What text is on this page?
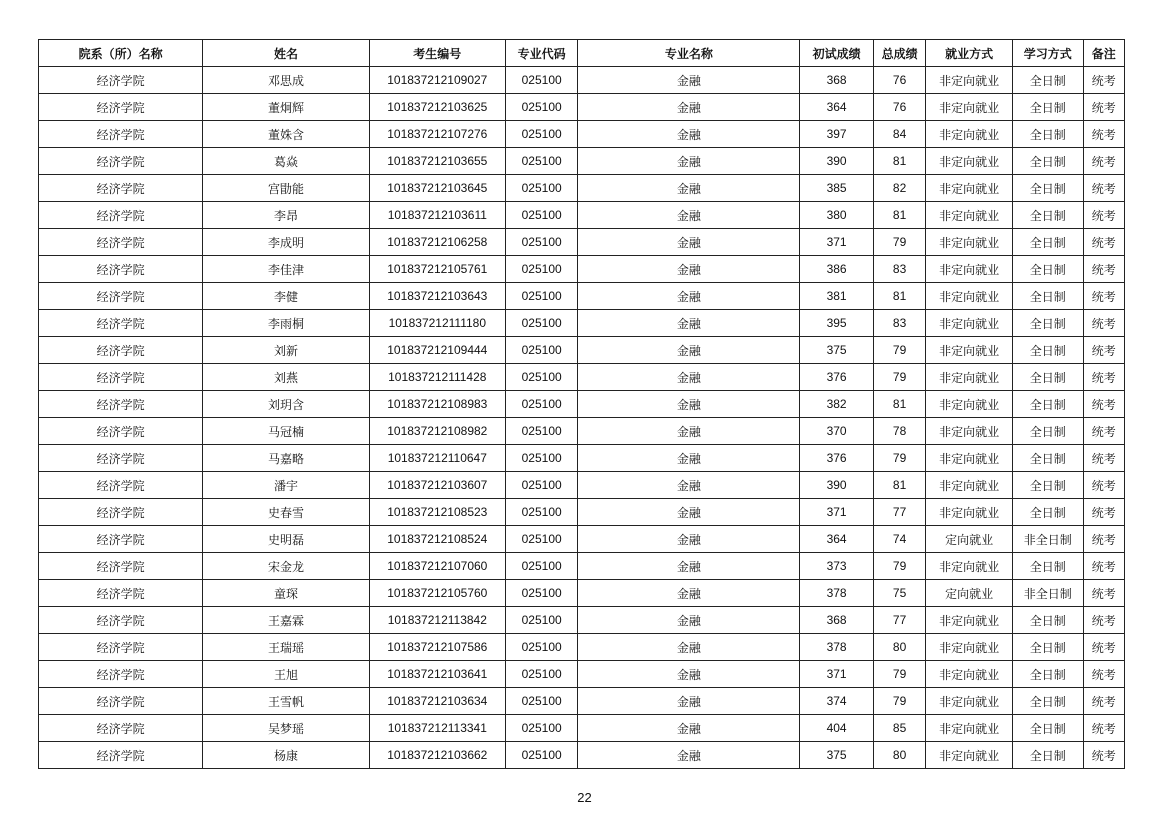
院系（所）名称	姓名	考生编号	专业代码	专业名称	初试成绩	总成绩	就业方式	学习方式	备注
经济学院	邓思成	101837212109027	025100	金融	368	76	非定向就业	全日制	统考
经济学院	董炯辉	101837212103625	025100	金融	364	76	非定向就业	全日制	统考
经济学院	董姝含	101837212107276	025100	金融	397	84	非定向就业	全日制	统考
经济学院	葛焱	101837212103655	025100	金融	390	81	非定向就业	全日制	统考
经济学院	宫勖能	101837212103645	025100	金融	385	82	非定向就业	全日制	统考
经济学院	李昂	101837212103611	025100	金融	380	81	非定向就业	全日制	统考
经济学院	李成明	101837212106258	025100	金融	371	79	非定向就业	全日制	统考
经济学院	李佳津	101837212105761	025100	金融	386	83	非定向就业	全日制	统考
经济学院	李健	101837212103643	025100	金融	381	81	非定向就业	全日制	统考
经济学院	李雨桐	101837212111180	025100	金融	395	83	非定向就业	全日制	统考
经济学院	刘新	101837212109444	025100	金融	375	79	非定向就业	全日制	统考
经济学院	刘燕	101837212111428	025100	金融	376	79	非定向就业	全日制	统考
经济学院	刘玥含	101837212108983	025100	金融	382	81	非定向就业	全日制	统考
经济学院	马冠楠	101837212108982	025100	金融	370	78	非定向就业	全日制	统考
经济学院	马嘉略	101837212110647	025100	金融	376	79	非定向就业	全日制	统考
经济学院	潘宇	101837212103607	025100	金融	390	81	非定向就业	全日制	统考
经济学院	史春雪	101837212108523	025100	金融	371	77	非定向就业	全日制	统考
经济学院	史明磊	101837212108524	025100	金融	364	74	定向就业	非全日制	统考
经济学院	宋金龙	101837212107060	025100	金融	373	79	非定向就业	全日制	统考
经济学院	童琛	101837212105760	025100	金融	378	75	定向就业	非全日制	统考
经济学院	王嘉霖	101837212113842	025100	金融	368	77	非定向就业	全日制	统考
经济学院	王瑞瑶	101837212107586	025100	金融	378	80	非定向就业	全日制	统考
经济学院	王旭	101837212103641	025100	金融	371	79	非定向就业	全日制	统考
经济学院	王雪帆	101837212103634	025100	金融	374	79	非定向就业	全日制	统考
经济学院	吴梦瑶	101837212113341	025100	金融	404	85	非定向就业	全日制	统考
经济学院	杨康	101837212103662	025100	金融	375	80	非定向就业	全日制	统考
22
